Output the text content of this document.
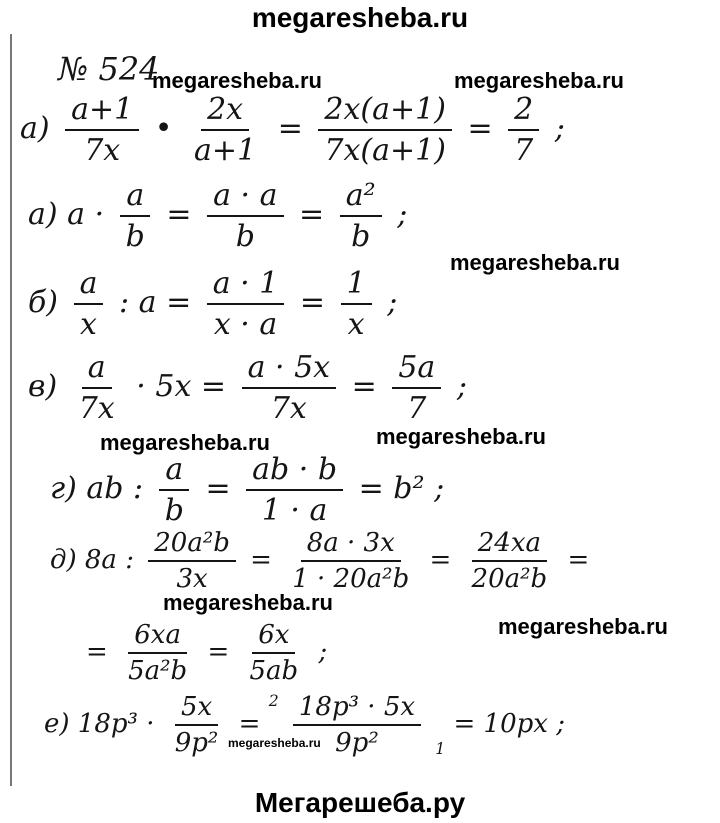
megaresheba.ru
megaresheba.ru	megaresheba.ru
megaresheba.ru
megaresheba.ru	megaresheba.ru
megaresheba.ru
megaresheba.ru
megaresheba.ru
Мегарешеба.ру
№ 524
$а) \frac{a+1}{7x}$ • $\frac{2x}{a+1} = \frac{2x(a+1)}{7x(a+1)} = \frac{2}{7}$ ;
а) $a \cdot \frac{a}{b} = \frac{a \cdot a}{b} = \frac{\text{a²}}{b}$ ;
$б) \frac{a}{x}$ : $a = \frac{a \cdot 1}{x \cdot a} = \frac{1}{x}$ ;
$в) \frac{a}{7x} \cdot 5x = \frac{a \cdot 5x}{7x} = \frac{5a}{7}$ ;
г) ab : $\frac{a}{b} = \frac{ab \cdot b}{1 \cdot a} = b^2$ ;
д) 8a : $\frac{\text{20a²b}}{3x} = \frac{8a \cdot 3x}{\text{1 · 20a²b}} = \frac{24xa}{\text{20a²b}}$ =
= $\frac{6xa}{\text{5a²b}} = \frac{6x}{5ab}$ ;
е) $18p^3 \cdot \frac{5x}{\text{9p²}} = ^2 \frac{\text{18p³ · 5x}}{\text{9p²}} 1 = 10px$ ;
